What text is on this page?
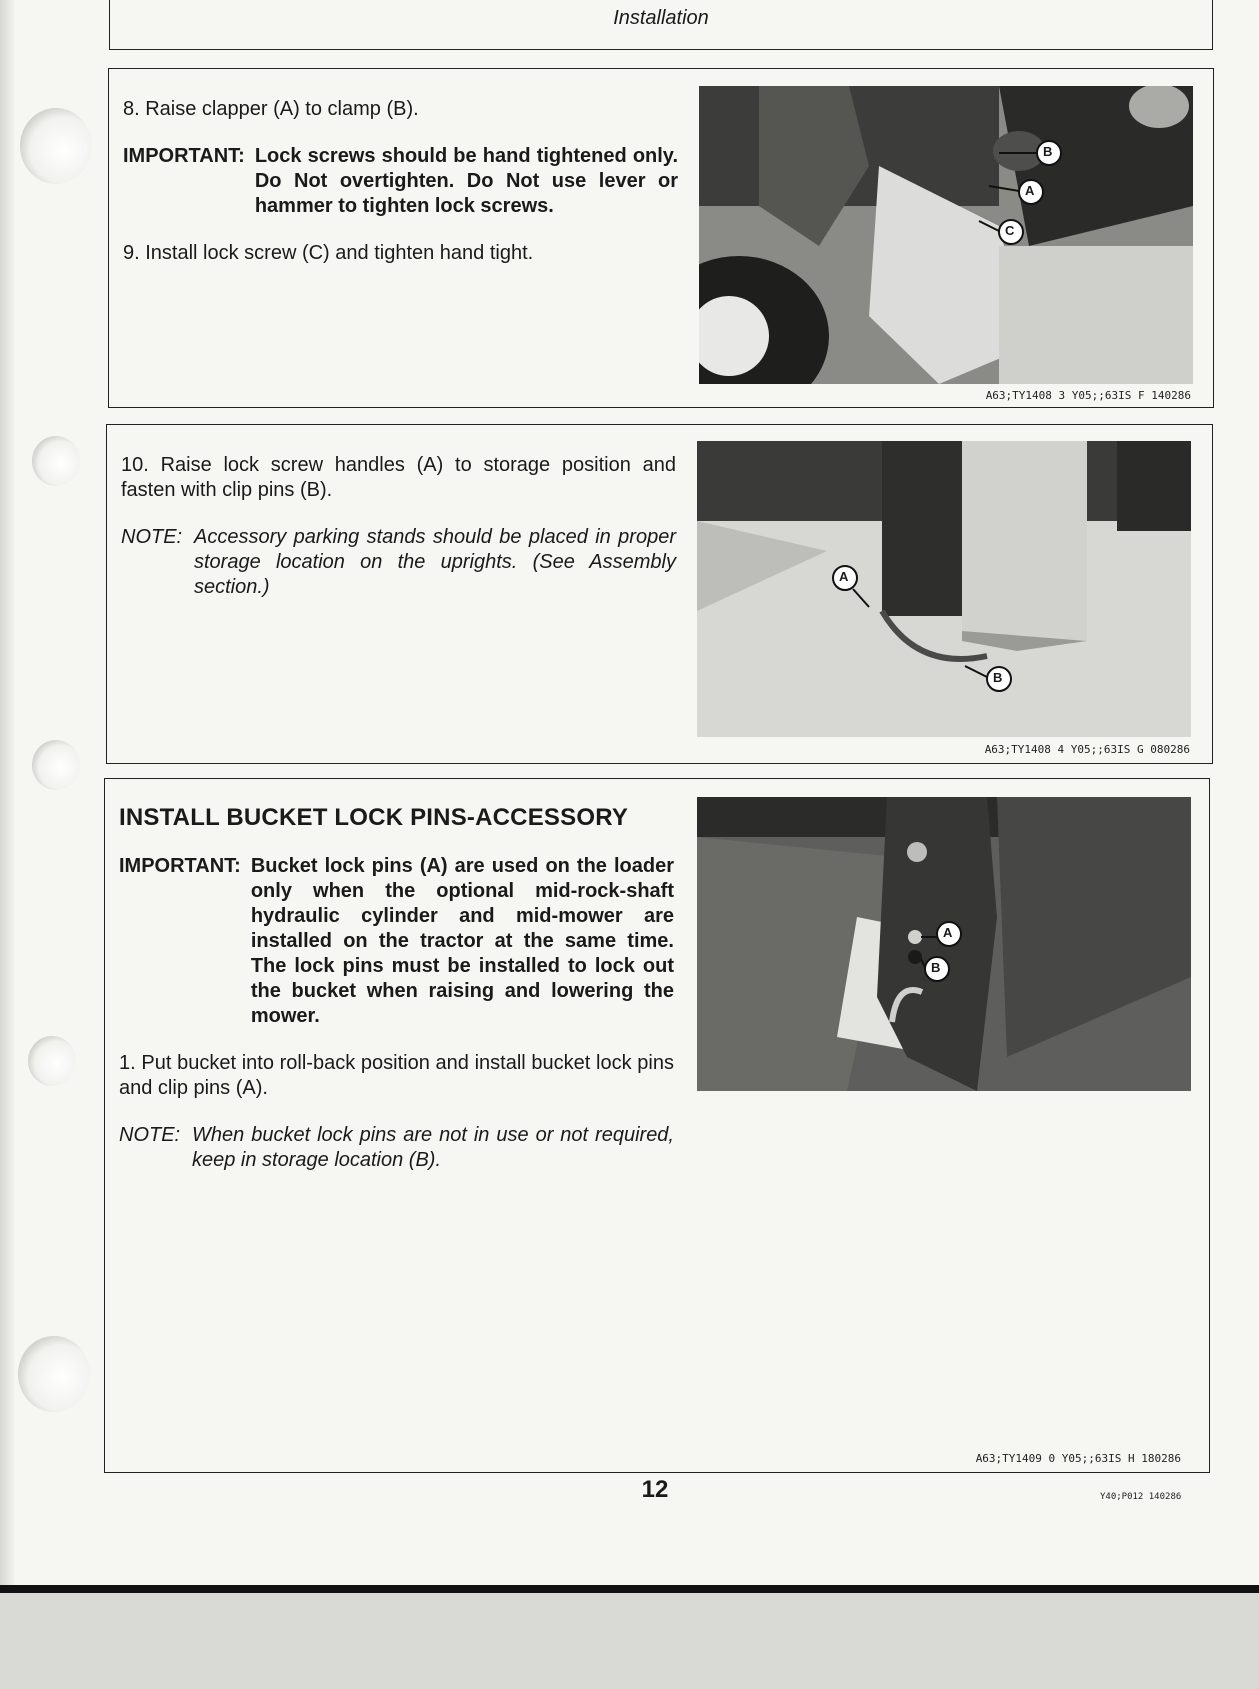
Installation
8. Raise clapper (A) to clamp (B).
IMPORTANT: Lock screws should be hand tightened only. Do Not overtighten. Do Not use lever or hammer to tighten lock screws.
9. Install lock screw (C) and tighten hand tight.
B
A
C
A63;TY1408 3 Y05;;63IS F 140286
10. Raise lock screw handles (A) to storage position and fasten with clip pins (B).
NOTE: Accessory parking stands should be placed in proper storage location on the uprights. (See Assembly section.)	A
B
A63;TY1408 4 Y05;;63IS G 080286
INSTALL BUCKET LOCK PINS-ACCESSORY
IMPORTANT: Bucket lock pins (A) are used on the loader only when the optional mid-rock-shaft hydraulic cylinder and mid-mower are installed on the tractor at the same time. The lock pins must be installed to lock out the bucket when raising and lowering the mower.
1. Put bucket into roll-back position and install bucket lock pins and clip pins (A).
NOTE: When bucket lock pins are not in use or not required, keep in storage location (B).
A
B
A63;TY1409 0 Y05;;63IS H 180286
12	Y40;P012 140286
